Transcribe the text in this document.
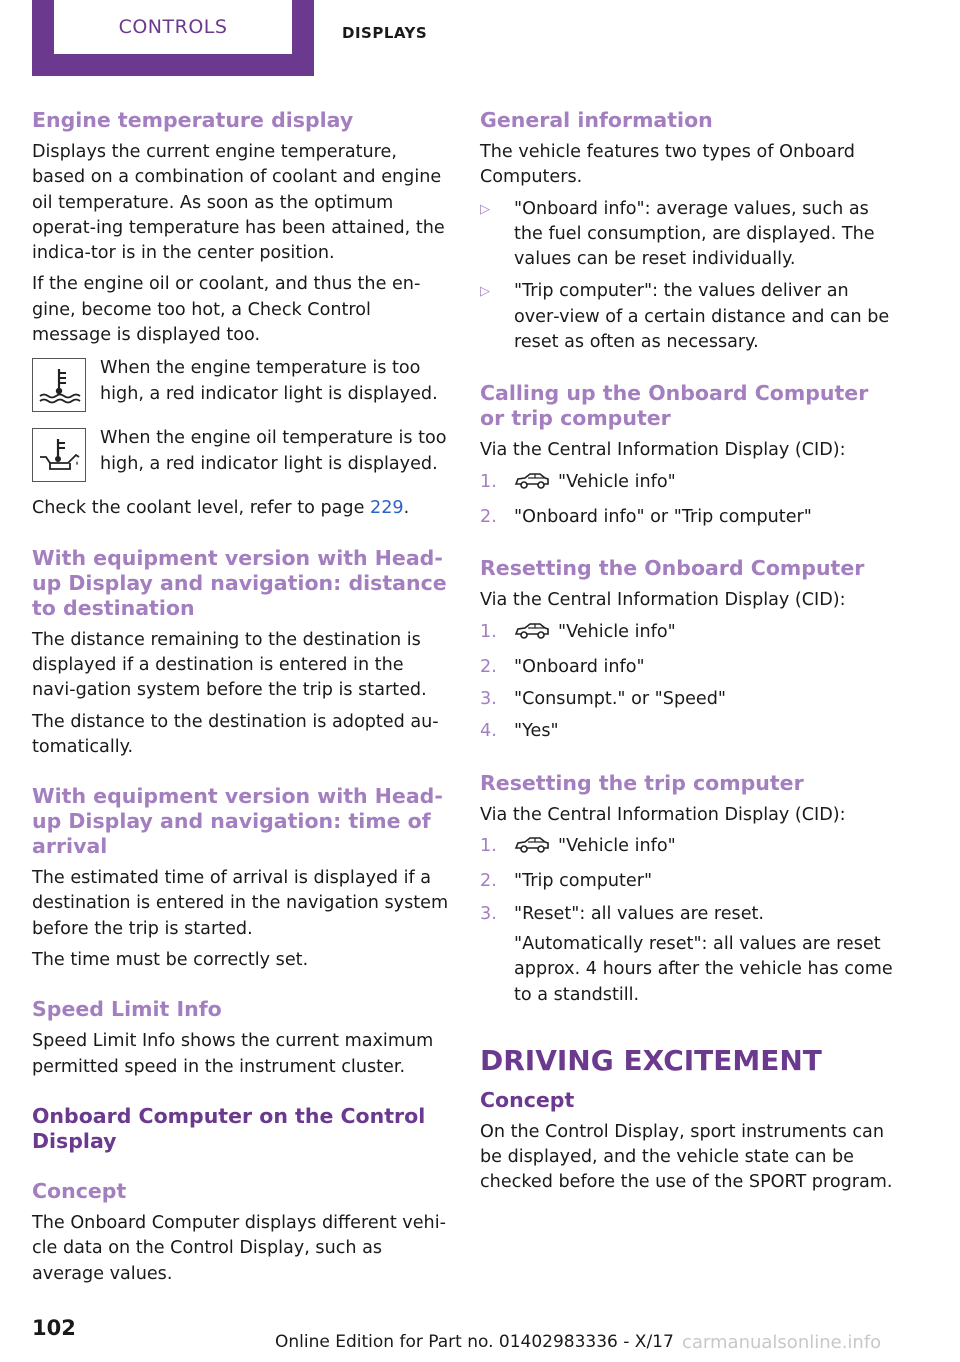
CONTROLS	DISPLAYS
Engine temperature display

Displays the current engine temperature, based on a combination of coolant and engine oil temperature. As soon as the optimum operat‐ing temperature has been attained, the indica‐tor is in the center position.

If the engine oil or coolant, and thus the en‐gine, become too hot, a Check Control message is displayed too.

When the engine temperature is too high, a red indicator light is displayed.

When the engine oil temperature is too high, a red indicator light is displayed.

Check the coolant level, refer to page 229.

With equipment version with Head-up Display and navigation: distance to destination

The distance remaining to the destination is displayed if a destination is entered in the navi‐gation system before the trip is started.

The distance to the destination is adopted au‐tomatically.

With equipment version with Head-up Display and navigation: time of arrival

The estimated time of arrival is displayed if a destination is entered in the navigation system before the trip is started.

The time must be correctly set.

Speed Limit Info

Speed Limit Info shows the current maximum permitted speed in the instrument cluster.

Onboard Computer on the Control Display
Concept

The Onboard Computer displays different vehi‐cle data on the Control Display, such as average values.

General information

The vehicle features two types of Onboard Computers.

▷ "Onboard info": average values, such as the fuel consumption, are displayed. The values can be reset individually.
▷ "Trip computer": the values deliver an over‐view of a certain distance and can be reset as often as necessary.
Calling up the Onboard Computer or trip computer

Via the Central Information Display (CID):

1.	"Vehicle info"
2. "Onboard info" or "Trip computer"
Resetting the Onboard Computer

Via the Central Information Display (CID):

1.	"Vehicle info"
2. "Onboard info"
3. "Consumpt." or "Speed"
4. "Yes"
Resetting the trip computer

Via the Central Information Display (CID):

1.	"Vehicle info"
2. "Trip computer"
3. "Reset": all values are reset.
"Automatically reset": all values are reset approx. 4 hours after the vehicle has come to a standstill.
DRIVING EXCITEMENT
Concept

On the Control Display, sport instruments can be displayed, and the vehicle state can be checked before the use of the SPORT program.

102
Online Edition for Part no. 01402983336 - X/17 carmanualsonline.info
